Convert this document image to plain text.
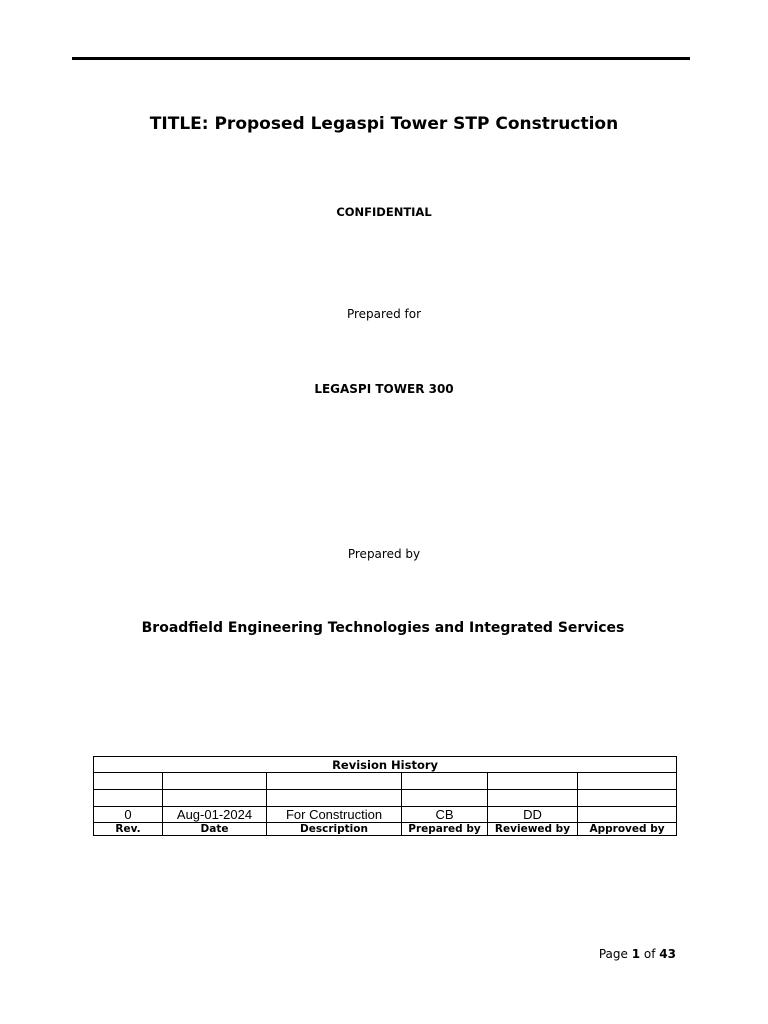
TITLE: Proposed Legaspi Tower STP Construction
CONFIDENTIAL
Prepared for
LEGASPI TOWER 300
Prepared by
Broadfield Engineering Technologies and Integrated Services
Revision History					

0	Aug-01-2024	For Construction	CB	DD	
Rev.	Date	Description	Prepared by	Reviewed by	Approved by
Page 1 of 43
